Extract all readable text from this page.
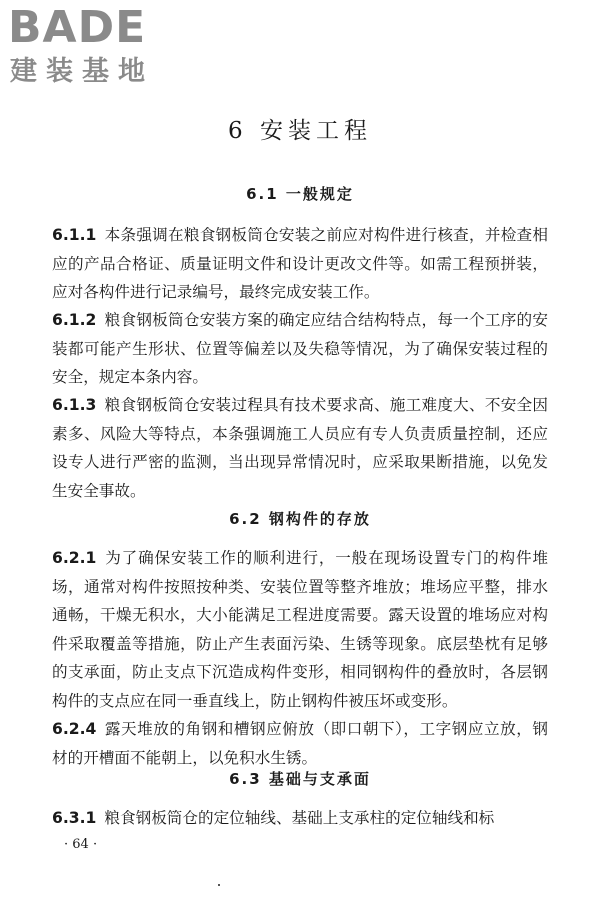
BADE
建装基地
6 安装工程
6.1 一般规定

6.1.1 本条强调在粮食钢板筒仓安装之前应对构件进行核查，并检查相应的产品合格证、质量证明文件和设计更改文件等。如需工程预拼装，应对各构件进行记录编号，最终完成安装工作。

6.1.2 粮食钢板筒仓安装方案的确定应结合结构特点，每一个工序的安装都可能产生形状、位置等偏差以及失稳等情况，为了确保安装过程的安全，规定本条内容。

6.1.3 粮食钢板筒仓安装过程具有技术要求高、施工难度大、不安全因素多、风险大等特点，本条强调施工人员应有专人负责质量控制，还应设专人进行严密的监测，当出现异常情况时，应采取果断措施，以免发生安全事故。

6.2 钢构件的存放

6.2.1 为了确保安装工作的顺利进行，一般在现场设置专门的构件堆场，通常对构件按照按种类、安装位置等整齐堆放；堆场应平整，排水通畅，干燥无积水，大小能满足工程进度需要。露天设置的堆场应对构件采取覆盖等措施，防止产生表面污染、生锈等现象。底层垫枕有足够的支承面，防止支点下沉造成构件变形，相同钢构件的叠放时，各层钢构件的支点应在同一垂直线上，防止钢构件被压坏或变形。

6.2.4 露天堆放的角钢和槽钢应俯放（即口朝下），工字钢应立放，钢材的开槽面不能朝上，以免积水生锈。

6.3 基础与支承面

6.3.1 粮食钢板筒仓的定位轴线、基础上支承柱的定位轴线和标

· 64 ·
